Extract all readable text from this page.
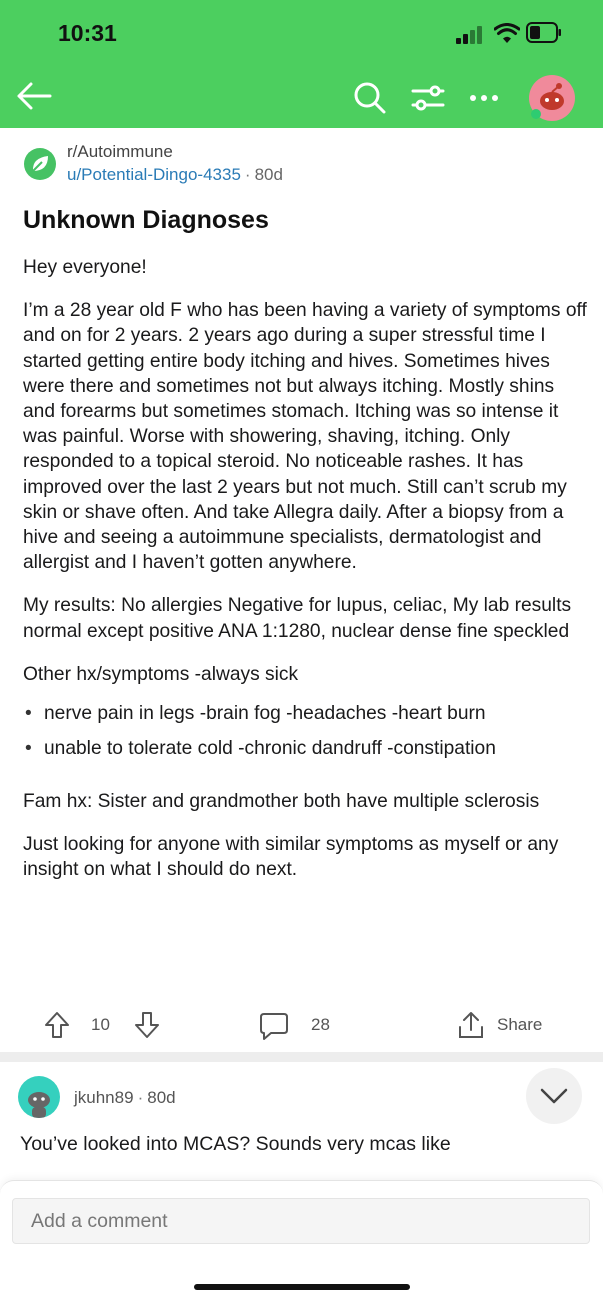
10:31
r/Autoimmune
u/Potential-Dingo-4335 · 80d
Unknown Diagnoses

Hey everyone!

I’m a 28 year old F who has been having a variety of symptoms off and on for 2 years. 2 years ago during a super stressful time I started getting entire body itching and hives. Sometimes hives were there and sometimes not but always itching. Mostly shins and forearms but sometimes stomach. Itching was so intense it was painful. Worse with showering, shaving, itching. Only responded to a topical steroid. No noticeable rashes. It has improved over the last 2 years but not much. Still can’t scrub my skin or shave often. And take Allegra daily. After a biopsy from a hive and seeing a autoimmune specialists, dermatologist and allergist and I haven’t gotten anywhere.

My results: No allergies Negative for lupus, celiac, My lab results normal except positive ANA 1:1280, nuclear dense fine speckled

Other hx/symptoms -always sick

• nerve pain in legs -brain fog -headaches -heart burn
• unable to tolerate cold -chronic dandruff -constipation

Fam hx: Sister and grandmother both have multiple sclerosis

Just looking for anyone with similar symptoms as myself or any insight on what I should do next.

10	28	Share
jkuhn89 · 80d
You’ve looked into MCAS? Sounds very mcas like
Add a comment
